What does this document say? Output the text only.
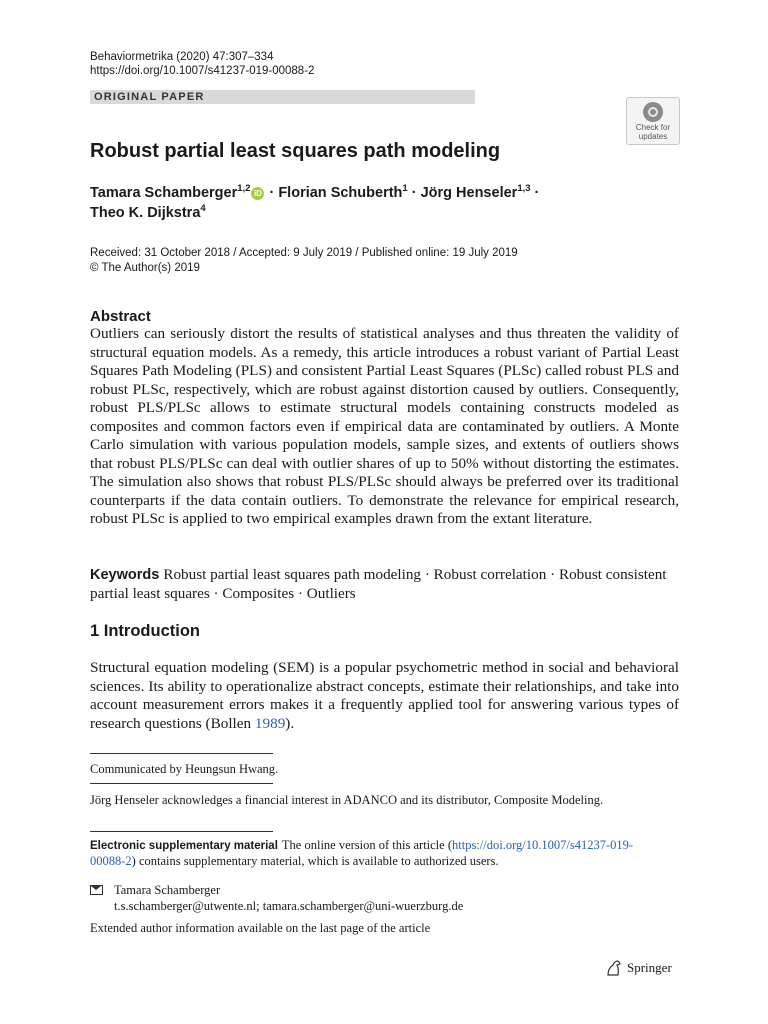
Behaviormetrika (2020) 47:307–334
https://doi.org/10.1007/s41237-019-00088-2
ORIGINAL PAPER
Check for
updates
Robust partial least squares path modeling
Tamara Schamberger$^{1,2}$ iD · Florian Schuberth$^1$ · Jörg Henseler$^{1,3}$ ·
Theo K. Dijkstra$^4$
Received: 31 October 2018 / Accepted: 9 July 2019 / Published online: 19 July 2019
© The Author(s) 2019
Abstract
Outliers can seriously distort the results of statistical analyses and thus threaten the validity of structural equation models. As a remedy, this article introduces a robust variant of Partial Least Squares Path Modeling (PLS) and consistent Partial Least Squares (PLSc) called robust PLS and robust PLSc, respectively, which are robust against distortion caused by outliers. Consequently, robust PLS/PLSc allows to estimate structural models containing constructs modeled as composites and common factors even if empirical data are contaminated by outliers. A Monte Carlo simulation with various population models, sample sizes, and extents of outliers shows that robust PLS/PLSc can deal with outlier shares of up to 50% without distorting the estimates. The simulation also shows that robust PLS/PLSc should always be preferred over its traditional counterparts if the data contain outliers. To demonstrate the relevance for empirical research, robust PLSc is applied to two empirical examples drawn from the extant literature.
Keywords Robust partial least squares path modeling · Robust correlation · Robust consistent partial least squares · Composites · Outliers
1 Introduction
Structural equation modeling (SEM) is a popular psychometric method in social and behavioral sciences. Its ability to operationalize abstract concepts, estimate their relationships, and take into account measurement errors makes it a frequently applied tool for answering various types of research questions (Bollen 1989).
Communicated by Heungsun Hwang.
Jörg Henseler acknowledges a financial interest in ADANCO and its distributor, Composite Modeling.
Electronic supplementary material The online version of this article (https://doi.org/10.1007/s41237-019-00088-2) contains supplementary material, which is available to authorized users.
Tamara Schamberger
t.s.schamberger@utwente.nl; tamara.schamberger@uni-wuerzburg.de
Extended author information available on the last page of the article
Springer
